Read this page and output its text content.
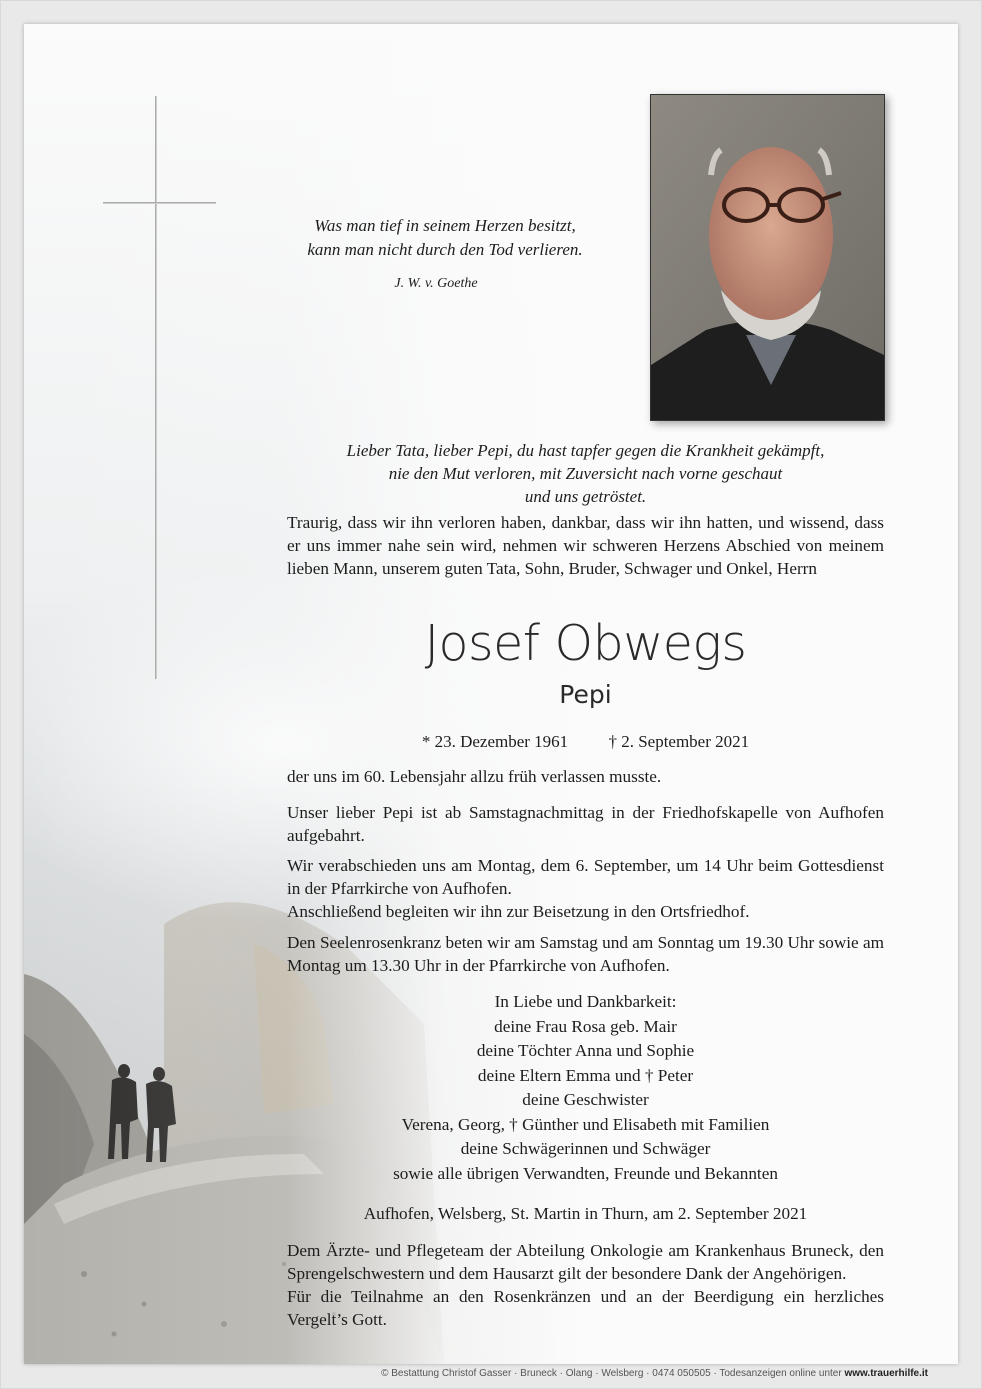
Was man tief in seinem Herzen besitzt,
kann man nicht durch den Tod verlieren.
J. W. v. Goethe
Lieber Tata, lieber Pepi, du hast tapfer gegen die Krankheit gekämpft,
nie den Mut verloren, mit Zuversicht nach vorne geschaut
und uns getröstet.

Traurig, dass wir ihn verloren haben, dankbar, dass wir ihn hatten, und wissend, dass er uns immer nahe sein wird, nehmen wir schweren Herzens Abschied von meinem lieben Mann, unserem guten Tata, Sohn, Bruder, Schwager und Onkel, Herrn

Josef Obwegs
Pepi
* 23. Dezember 1961 † 2. September 2021

der uns im 60. Lebensjahr allzu früh verlassen musste.

Unser lieber Pepi ist ab Samstagnachmittag in der Friedhofskapelle von Aufhofen aufgebahrt.

Wir verabschieden uns am Montag, dem 6. September, um 14 Uhr beim Gottesdienst in der Pfarrkirche von Aufhofen.

Anschließend begleiten wir ihn zur Beisetzung in den Ortsfriedhof.

Den Seelenrosenkranz beten wir am Samstag und am Sonntag um 19.30 Uhr sowie am Montag um 13.30 Uhr in der Pfarrkirche von Aufhofen.

In Liebe und Dankbarkeit:
deine Frau Rosa geb. Mair
deine Töchter Anna und Sophie
deine Eltern Emma und † Peter
deine Geschwister
Verena, Georg, † Günther und Elisabeth mit Familien
deine Schwägerinnen und Schwäger
sowie alle übrigen Verwandten, Freunde und Bekannten
Aufhofen, Welsberg, St. Martin in Thurn, am 2. September 2021

Dem Ärzte- und Pflegeteam der Abteilung Onkologie am Krankenhaus Bruneck, den Sprengelschwestern und dem Hausarzt gilt der besondere Dank der Angehörigen.

Für die Teilnahme an den Rosenkränzen und an der Beerdigung ein herzliches Vergelt’s Gott.

© Bestattung Christof Gasser · Bruneck · Olang · Welsberg · 0474 050505 · Todesanzeigen online unter www.trauerhilfe.it
